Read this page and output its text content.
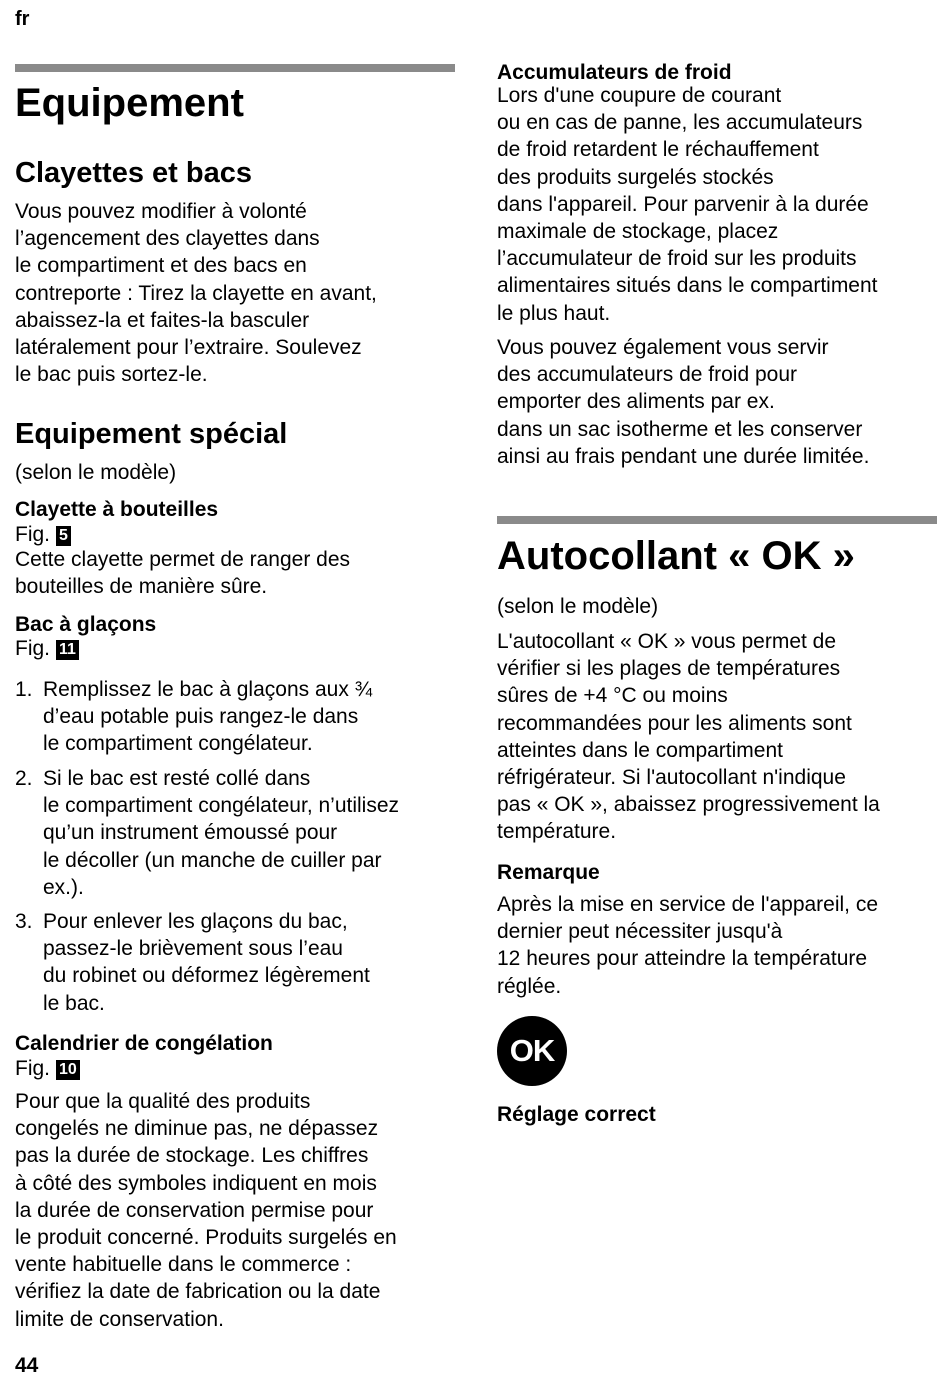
fr
Equipement
Clayettes et bacs
Vous pouvez modifier à volonté
l’agencement des clayettes dans
le compartiment et des bacs en
contreporte : Tirez la clayette en avant,
abaissez-la et faites-la basculer
latéralement pour l’extraire. Soulevez
le bac puis sortez-le.
Equipement spécial
(selon le modèle)
Clayette à bouteilles
Fig. 5
Cette clayette permet de ranger des
bouteilles de manière sûre.
Bac à glaçons
Fig. 11
1. Remplissez le bac à glaçons aux ¾
d’eau potable puis rangez-le dans
le compartiment congélateur.
2. Si le bac est resté collé dans
le compartiment congélateur, n’utilisez
qu’un instrument émoussé pour
le décoller (un manche de cuiller par
ex.).
3. Pour enlever les glaçons du bac,
passez-le brièvement sous l’eau
du robinet ou déformez légèrement
le bac.
Calendrier de congélation
Fig. 10
Pour que la qualité des produits
congelés ne diminue pas, ne dépassez
pas la durée de stockage. Les chiffres
à côté des symboles indiquent en mois
la durée de conservation permise pour
le produit concerné. Produits surgelés en
vente habituelle dans le commerce :
vérifiez la date de fabrication ou la date
limite de conservation.
44
Accumulateurs de froid
Lors d'une coupure de courant
ou en cas de panne, les accumulateurs
de froid retardent le réchauffement
des produits surgelés stockés
dans l'appareil. Pour parvenir à la durée
maximale de stockage, placez
l’accumulateur de froid sur les produits
alimentaires situés dans le compartiment
le plus haut.
Vous pouvez également vous servir
des accumulateurs de froid pour
emporter des aliments par ex.
dans un sac isotherme et les conserver
ainsi au frais pendant une durée limitée.
Autocollant « OK »
(selon le modèle)
L'autocollant « OK » vous permet de
vérifier si les plages de températures
sûres de +4 °C ou moins
recommandées pour les aliments sont
atteintes dans le compartiment
réfrigérateur. Si l'autocollant n'indique
pas « OK », abaissez progressivement la
température.
Remarque
Après la mise en service de l'appareil, ce
dernier peut nécessiter jusqu'à
12 heures pour atteindre la température
réglée.
OK
Réglage correct
